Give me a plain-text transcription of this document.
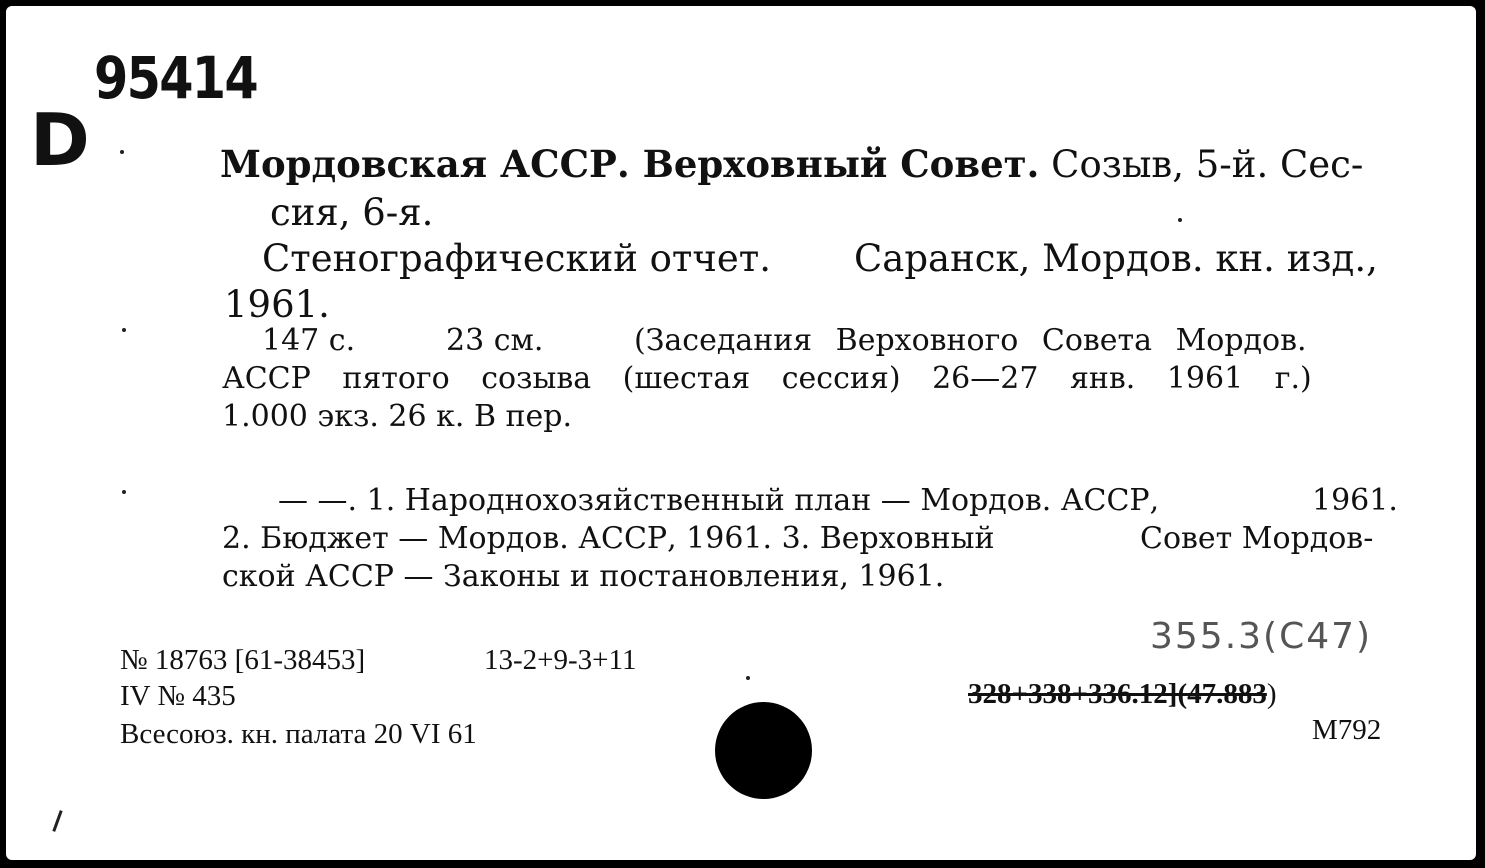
95414
D	Мордовская АССР. Верховный Совет. Созыв, 5-й. Сес-
сия, 6-я.
Стенографический отчет. Саранск, Мордов. кн. изд.,
1961.
147 с.	23 см.	(Заседания Верховного Совета Мордов.
АССР пятого созыва (шестая сессия) 26—27 янв. 1961 г.)
1.000 экз. 26 к. В пер.
— —. 1. Народнохозяйственный план — Мордов. АССР,	1961.
2. Бюджет — Мордов. АССР, 1961. 3. Верховный	Совет Мордов-
ской АССР — Законы и постановления, 1961.
№ 18763 [61-38453]	13-2+9-3+11
IV № 435
Всесоюз. кн. палата 20 VI 61
355.3(С47)
328+338+336.12](47.883)
М792
